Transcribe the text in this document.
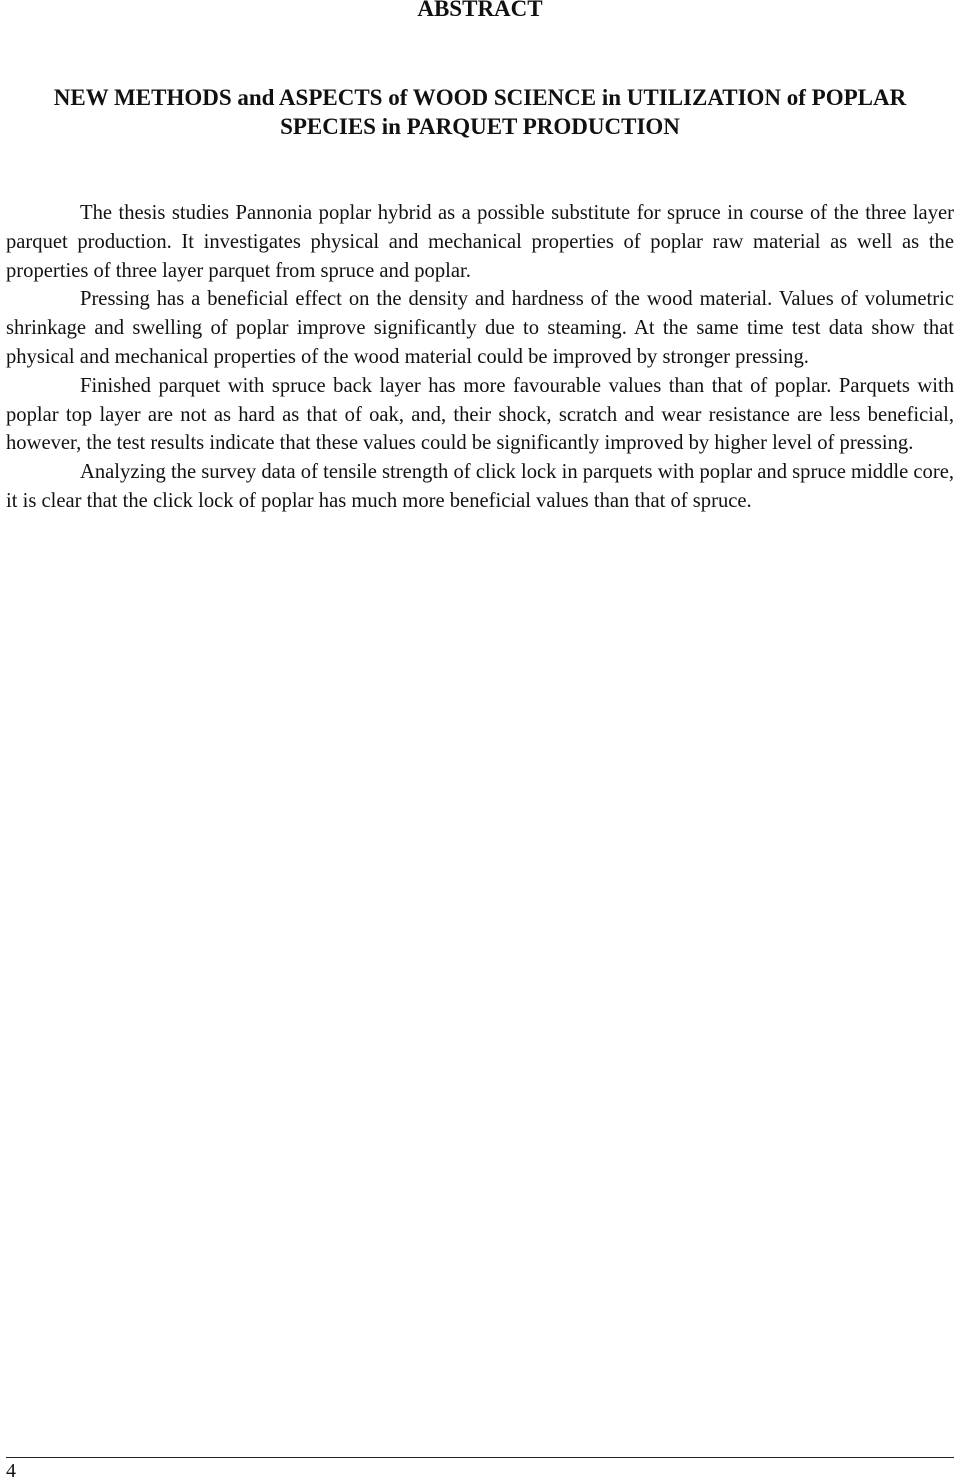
ABSTRACT
NEW METHODS and ASPECTS of WOOD SCIENCE in UTILIZATION of POPLAR
SPECIES in PARQUET PRODUCTION

The thesis studies Pannonia poplar hybrid as a possible substitute for spruce in course of the three layer parquet production. It investigates physical and mechanical properties of poplar raw material as well as the properties of three layer parquet from spruce and poplar.

Pressing has a beneficial effect on the density and hardness of the wood material. Values of volumetric shrinkage and swelling of poplar improve significantly due to steaming. At the same time test data show that physical and mechanical properties of the wood material could be improved by stronger pressing.

Finished parquet with spruce back layer has more favourable values than that of poplar. Parquets with poplar top layer are not as hard as that of oak, and, their shock, scratch and wear resistance are less beneficial, however, the test results indicate that these values could be significantly improved by higher level of pressing.

Analyzing the survey data of tensile strength of click lock in parquets with poplar and spruce middle core, it is clear that the click lock of poplar has much more beneficial values than that of spruce.

4
